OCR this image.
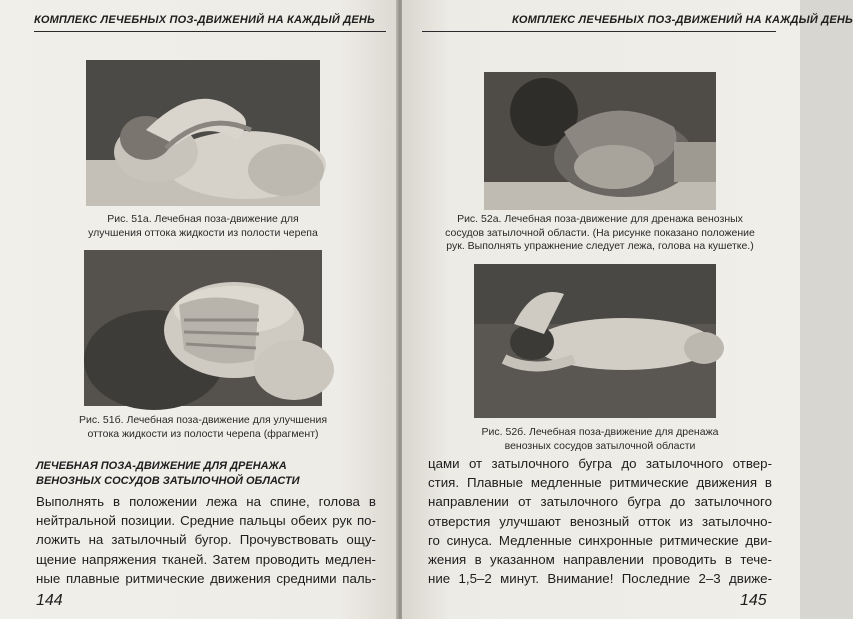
КОМПЛЕКС ЛЕЧЕБНЫХ ПОЗ-ДВИЖЕНИЙ НА КАЖДЫЙ ДЕНЬ
Рис. 51а. Лечебная поза-движение для
улучшения оттока жидкости из полости черепа
Рис. 51б. Лечебная поза-движение для улучшения
оттока жидкости из полости черепа (фрагмент)
ЛЕЧЕБНАЯ ПОЗА-ДВИЖЕНИЕ ДЛЯ ДРЕНАЖА
ВЕНОЗНЫХ СОСУДОВ ЗАТЫЛОЧНОЙ ОБЛАСТИ
Выполнять в положении лежа на спине, голова в
нейтральной позиции. Средние пальцы обеих рук по-
ложить на затылочный бугор. Прочувствовать ощу-
щение напряжения тканей. Затем проводить медлен-
ные плавные ритмические движения средними паль-
144
КОМПЛЕКС ЛЕЧЕБНЫХ ПОЗ-ДВИЖЕНИЙ НА КАЖДЫЙ ДЕНЬ
Рис. 52а. Лечебная поза-движение для дренажа венозных
сосудов затылочной области. (На рисунке показано положение
рук. Выполнять упражнение следует лежа, голова на кушетке.)
Рис. 52б. Лечебная поза-движение для дренажа
венозных сосудов затылочной области
цами от затылочного бугра до затылочного отвер-
стия. Плавные медленные ритмические движения в
направлении от затылочного бугра до затылочного
отверстия улучшают венозный отток из затылочно-
го синуса. Медленные синхронные ритмические дви-
жения в указанном направлении проводить в тече-
ние 1,5–2 минут. Внимание! Последние 2–3 движе-
145
